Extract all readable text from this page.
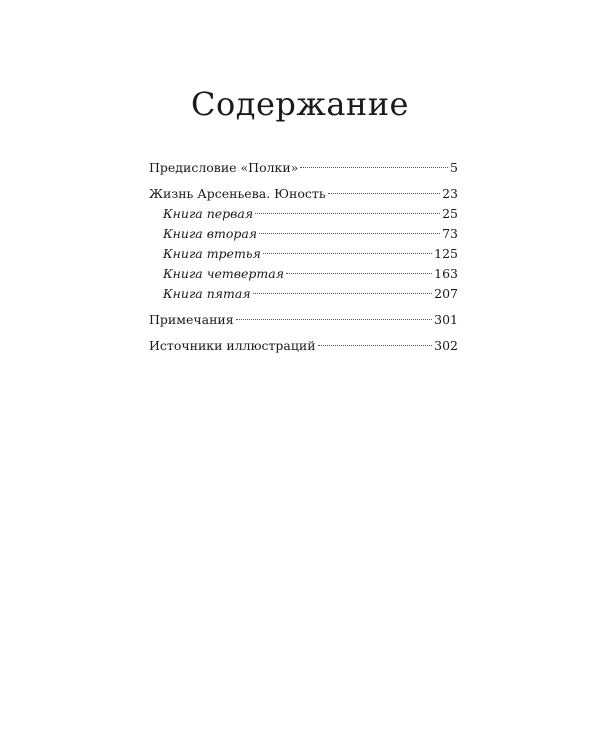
Содержание
Предисловие «Полки»	5
Жизнь Арсеньева. Юность	23
Книга первая	25
Книга вторая	73
Книга третья	125
Книга четвертая	163
Книга пятая	207
Примечания	301
Источники иллюстраций	302
